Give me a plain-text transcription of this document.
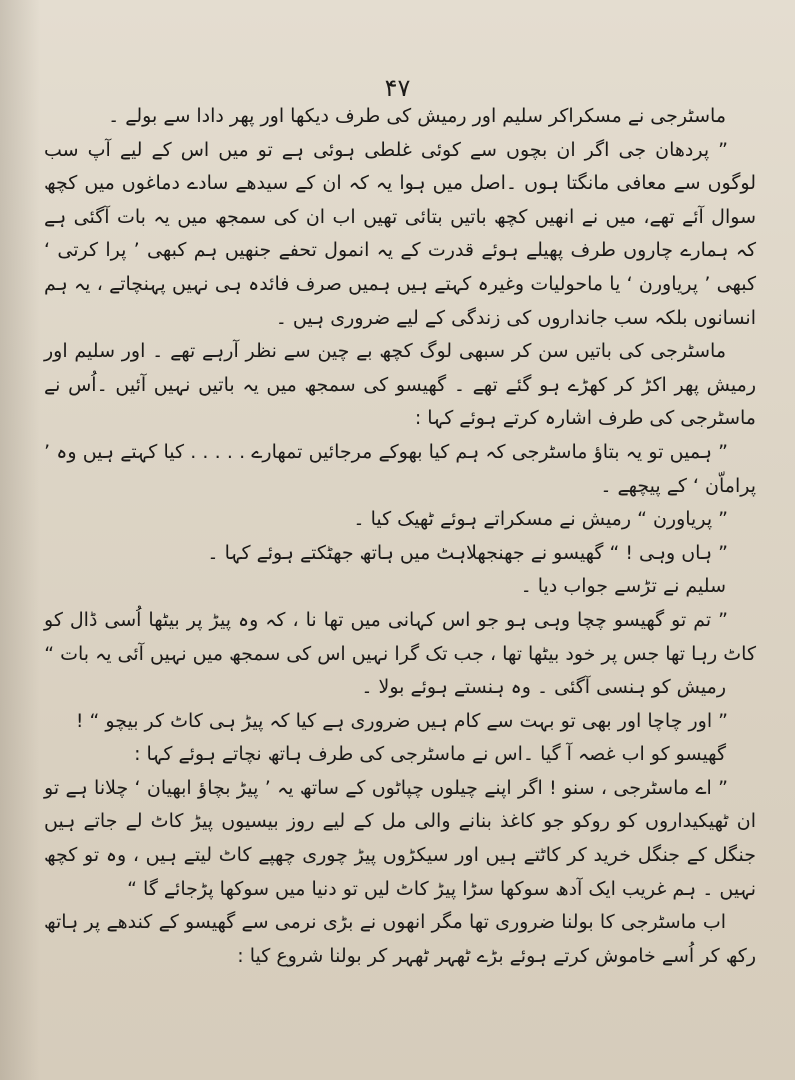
۴۷

ماسٹرجی نے مسکراکر سلیم اور رمیش کی طرف دیکھا اور پھر دادا سے بولے ۔

” پردھان جی اگر ان بچوں سے کوئی غلطی ہوئی ہے تو میں اس کے لیے آپ سب لوگوں سے معافی مانگتا ہوں ۔اصل میں ہوا یہ کہ ان کے سیدھے سادے دماغوں میں کچھ سوال آئے تھے، میں نے انھیں کچھ باتیں بتائی تھیں اب ان کی سمجھ میں یہ بات آگئی ہے کہ ہمارے چاروں طرف پھیلے ہوئے قدرت کے یہ انمول تحفے جنھیں ہم کبھی ’ پرا کرتی ‘ کبھی ’ پریاورن ‘ یا ماحولیات وغیرہ کہتے ہیں ہمیں صرف فائدہ ہی نہیں پہنچاتے ، یہ ہم انسانوں بلکہ سب جانداروں کی زندگی کے لیے ضروری ہیں ۔

ماسٹرجی کی باتیں سن کر سبھی لوگ کچھ بے چین سے نظر آرہے تھے ۔ اور سلیم اور رمیش پھر اکڑ کر کھڑے ہو گئے تھے ۔ گھیسو کی سمجھ میں یہ باتیں نہیں آئیں ۔اُس نے ماسٹرجی کی طرف اشارہ کرتے ہوئے کہا :

” ہمیں تو یہ بتاؤ ماسٹرجی کہ ہم کیا بھوکے مرجائیں تمھارے . . . . . کیا کہتے ہیں وہ ’ پراماّن ‘ کے پیچھے ۔

” پریاورن “ رمیش نے مسکراتے ہوئے ٹھیک کیا ۔

” ہاں وہی ! “ گھیسو نے جھنجھلاہٹ میں ہاتھ جھٹکتے ہوئے کہا ۔

سلیم نے تڑسے جواب دیا ۔

” تم تو گھیسو چچا وہی ہو جو اس کہانی میں تھا نا ، کہ وہ پیڑ پر بیٹھا اُسی ڈال کو کاٹ رہا تھا جس پر خود بیٹھا تھا ، جب تک گرا نہیں اس کی سمجھ میں نہیں آئی یہ بات “

رمیش کو ہنسی آگئی ۔ وہ ہنستے ہوئے بولا ۔

” اور چاچا اور بھی تو بہت سے کام ہیں ضروری ہے کیا کہ پیڑ ہی کاٹ کر بیچو “ !

گھیسو کو اب غصہ آ گیا ۔اس نے ماسٹرجی کی طرف ہاتھ نچاتے ہوئے کہا :

” اے ماسٹرجی ، سنو ! اگر اپنے چیلوں چپاٹوں کے ساتھ یہ ’ پیڑ بچاؤ ابھیان ‘ چلانا ہے تو ان ٹھیکیداروں کو روکو جو کاغذ بنانے والی مل کے لیے روز بیسیوں پیڑ کاٹ لے جاتے ہیں جنگل کے جنگل خرید کر کاٹتے ہیں اور سیکڑوں پیڑ چوری چھپے کاٹ لیتے ہیں ، وہ تو کچھ نہیں ۔ ہم غریب ایک آدھ سوکھا سڑا پیڑ کاٹ لیں تو دنیا میں سوکھا پڑجائے گا “

اب ماسٹرجی کا بولنا ضروری تھا مگر انھوں نے بڑی نرمی سے گھیسو کے کندھے پر ہاتھ رکھ کر اُسے خاموش کرتے ہوئے بڑے ٹھہر ٹھہر کر بولنا شروع کیا :
